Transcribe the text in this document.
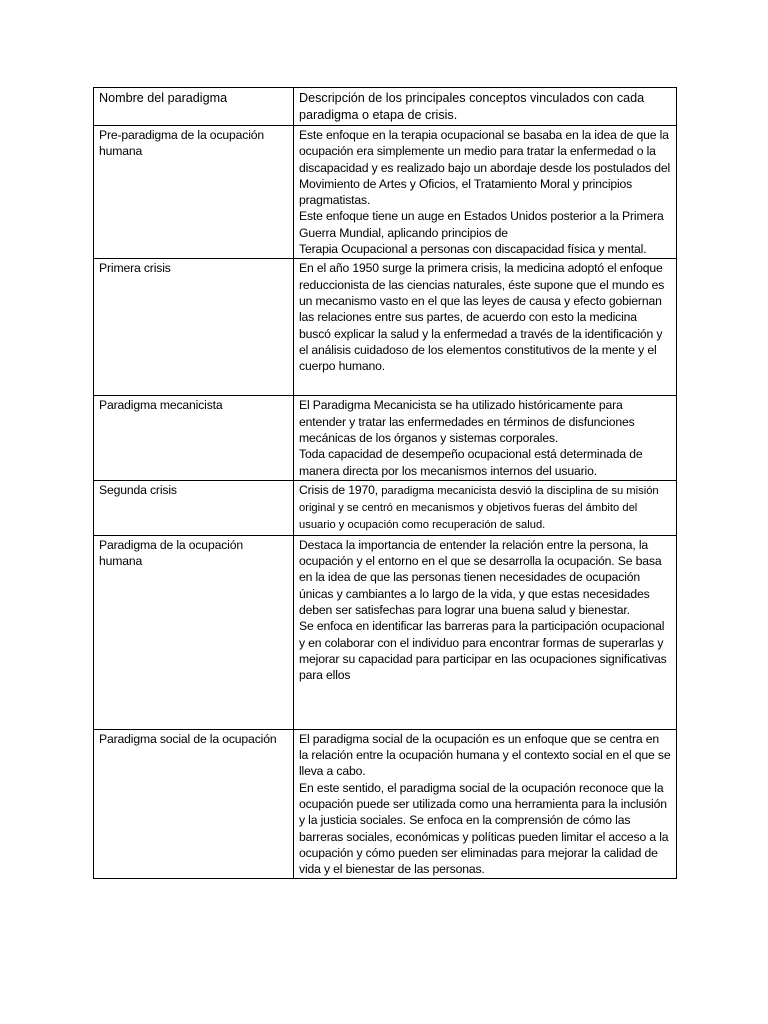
Nombre del paradigma	Descripción de los principales conceptos vinculados con cada paradigma o etapa de crisis.
Pre-paradigma de la ocupación humana	Este enfoque en la terapia ocupacional se basaba en la idea de que la ocupación era simplemente un medio para tratar la enfermedad o la discapacidad y es realizado bajo un abordaje desde los postulados del Movimiento de Artes y Oficios, el Tratamiento Moral y principios pragmatistas.
Este enfoque tiene un auge en Estados Unidos posterior a la Primera Guerra Mundial, aplicando principios de
Terapia Ocupacional a personas con discapacidad física y mental.

Primera crisis	En el año 1950 surge la primera crisis, la medicina adoptó el enfoque reduccionista de las ciencias naturales, éste supone que el mundo es un mecanismo vasto en el que las leyes de causa y efecto gobiernan las relaciones entre sus partes, de acuerdo con esto la medicina buscó explicar la salud y la enfermedad a través de la identificación y el análisis cuidadoso de los elementos constitutivos de la mente y el cuerpo humano.

Paradigma mecanicista	El Paradigma Mecanicista se ha utilizado históricamente para entender y tratar las enfermedades en términos de disfunciones mecánicas de los órganos y sistemas corporales.
Toda capacidad de desempeño ocupacional está determinada de manera directa por los mecanismos internos del usuario.

Segunda crisis	Crisis de 1970, paradigma mecanicista desvió la disciplina de su misión original y se centró en mecanismos y objetivos fueras del ámbito del usuario y ocupación como recuperación de salud.
Paradigma de la ocupación humana	Destaca la importancia de entender la relación entre la persona, la ocupación y el entorno en el que se desarrolla la ocupación. Se basa en la idea de que las personas tienen necesidades de ocupación únicas y cambiantes a lo largo de la vida, y que estas necesidades deben ser satisfechas para lograr una buena salud y bienestar.
Se enfoca en identificar las barreras para la participación ocupacional y en colaborar con el individuo para encontrar formas de superarlas y mejorar su capacidad para participar en las ocupaciones significativas para ellos

Paradigma social de la ocupación	El paradigma social de la ocupación es un enfoque que se centra en la relación entre la ocupación humana y el contexto social en el que se lleva a cabo.
En este sentido, el paradigma social de la ocupación reconoce que la ocupación puede ser utilizada como una herramienta para la inclusión y la justicia sociales. Se enfoca en la comprensión de cómo las barreras sociales, económicas y políticas pueden limitar el acceso a la ocupación y cómo pueden ser eliminadas para mejorar la calidad de vida y el bienestar de las personas.
